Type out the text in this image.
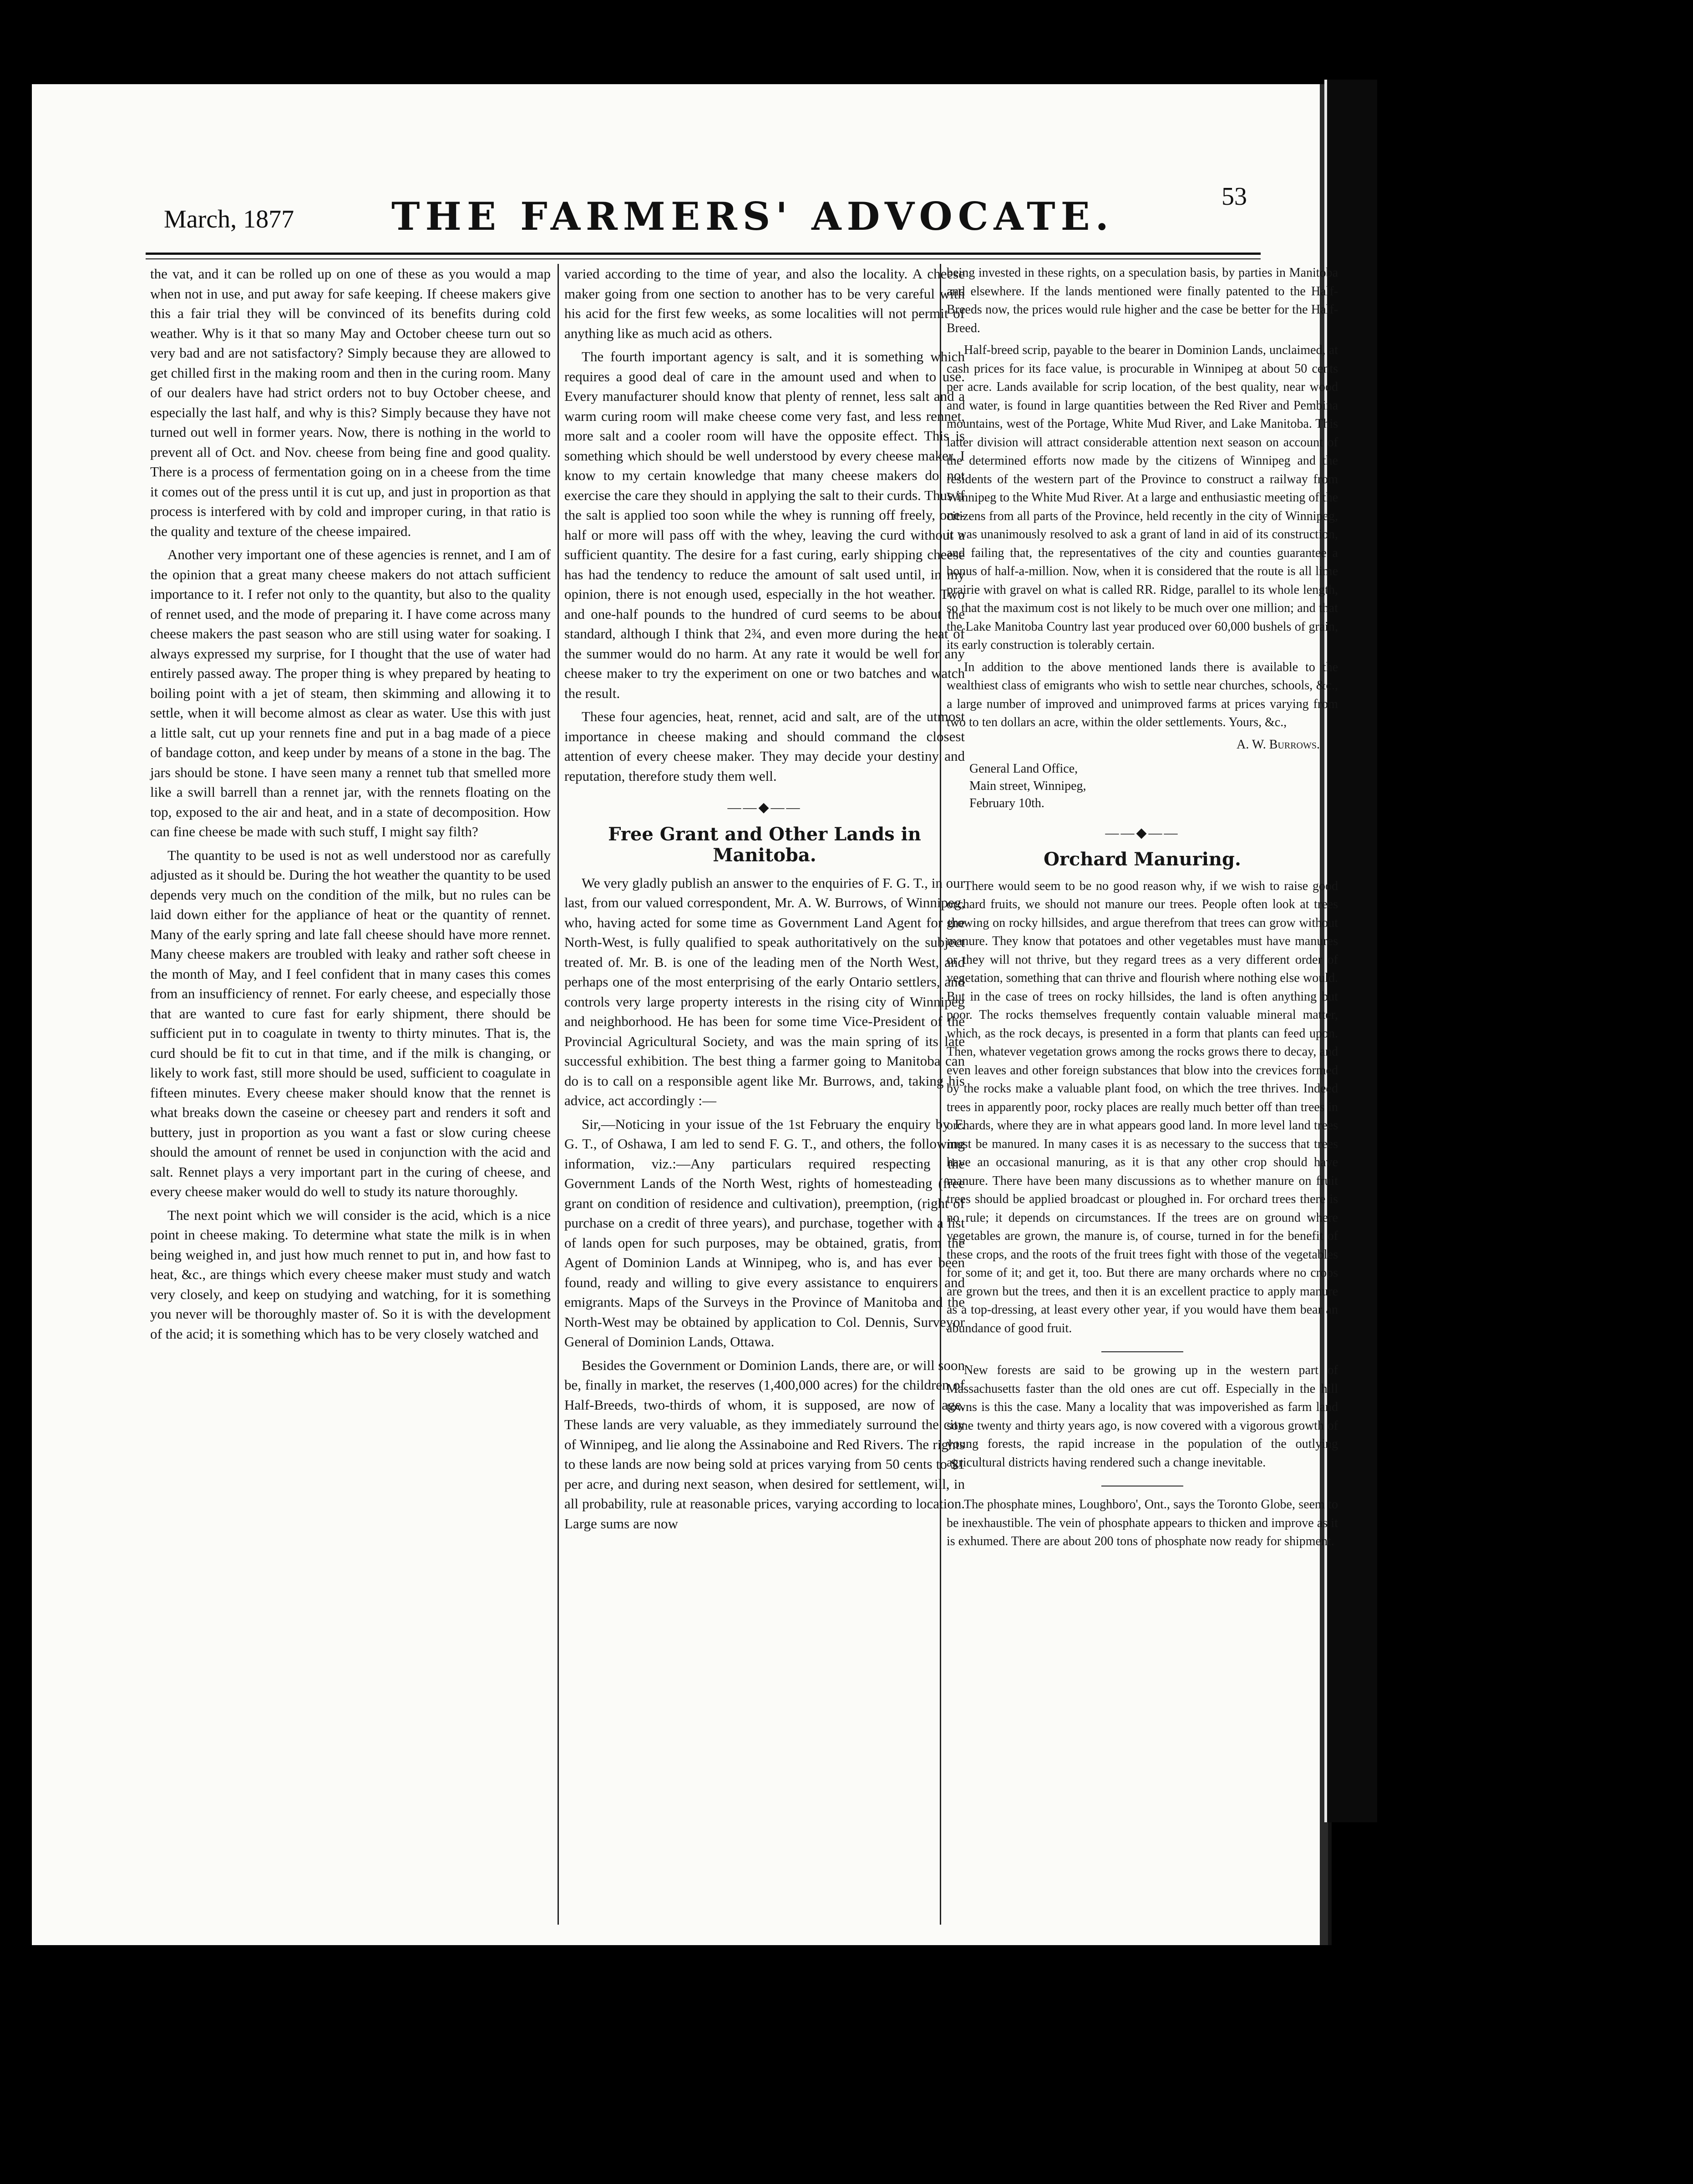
March, 1877	THE FARMERS' ADVOCATE.	53

the vat, and it can be rolled up on one of these as you would a map when not in use, and put away for safe keeping. If cheese makers give this a fair trial they will be convinced of its benefits during cold weather. Why is it that so many May and October cheese turn out so very bad and are not satisfactory? Simply because they are allowed to get chilled first in the making room and then in the curing room. Many of our dealers have had strict orders not to buy October cheese, and especially the last half, and why is this? Simply because they have not turned out well in former years. Now, there is nothing in the world to prevent all of Oct. and Nov. cheese from being fine and good quality. There is a process of fermentation going on in a cheese from the time it comes out of the press until it is cut up, and just in proportion as that process is interfered with by cold and improper curing, in that ratio is the quality and texture of the cheese impaired.

Another very important one of these agencies is rennet, and I am of the opinion that a great many cheese makers do not attach sufficient importance to it. I refer not only to the quantity, but also to the quality of rennet used, and the mode of preparing it. I have come across many cheese makers the past season who are still using water for soaking. I always expressed my surprise, for I thought that the use of water had entirely passed away. The proper thing is whey prepared by heating to boiling point with a jet of steam, then skimming and allowing it to settle, when it will become almost as clear as water. Use this with just a little salt, cut up your rennets fine and put in a bag made of a piece of bandage cotton, and keep under by means of a stone in the bag. The jars should be stone. I have seen many a rennet tub that smelled more like a swill barrell than a rennet jar, with the rennets floating on the top, exposed to the air and heat, and in a state of decomposition. How can fine cheese be made with such stuff, I might say filth?

The quantity to be used is not as well understood nor as carefully adjusted as it should be. During the hot weather the quantity to be used depends very much on the condition of the milk, but no rules can be laid down either for the appliance of heat or the quantity of rennet. Many of the early spring and late fall cheese should have more rennet. Many cheese makers are troubled with leaky and rather soft cheese in the month of May, and I feel confident that in many cases this comes from an insufficiency of rennet. For early cheese, and especially those that are wanted to cure fast for early shipment, there should be sufficient put in to coagulate in twenty to thirty minutes. That is, the curd should be fit to cut in that time, and if the milk is changing, or likely to work fast, still more should be used, sufficient to coagulate in fifteen minutes. Every cheese maker should know that the rennet is what breaks down the caseine or cheesey part and renders it soft and buttery, just in proportion as you want a fast or slow curing cheese should the amount of rennet be used in conjunction with the acid and salt. Rennet plays a very important part in the curing of cheese, and every cheese maker would do well to study its nature thoroughly.

The next point which we will consider is the acid, which is a nice point in cheese making. To determine what state the milk is in when being weighed in, and just how much rennet to put in, and how fast to heat, &c., are things which every cheese maker must study and watch very closely, and keep on studying and watching, for it is something you never will be thoroughly master of. So it is with the development of the acid; it is something which has to be very closely watched and

varied according to the time of year, and also the locality. A cheese maker going from one section to another has to be very careful with his acid for the first few weeks, as some localities will not permit of anything like as much acid as others.

The fourth important agency is salt, and it is something which requires a good deal of care in the amount used and when to use. Every manufacturer should know that plenty of rennet, less salt and a warm curing room will make cheese come very fast, and less rennet, more salt and a cooler room will have the opposite effect. This is something which should be well understood by every cheese maker. I know to my certain knowledge that many cheese makers do not exercise the care they should in applying the salt to their curds. Thus if the salt is applied too soon while the whey is running off freely, one-half or more will pass off with the whey, leaving the curd without a sufficient quantity. The desire for a fast curing, early shipping cheese has had the tendency to reduce the amount of salt used until, in my opinion, there is not enough used, especially in the hot weather. Two and one-half pounds to the hundred of curd seems to be about the standard, although I think that 2¾, and even more during the heat of the summer would do no harm. At any rate it would be well for any cheese maker to try the experiment on one or two batches and watch the result.

These four agencies, heat, rennet, acid and salt, are of the utmost importance in cheese making and should command the closest attention of every cheese maker. They may decide your destiny and reputation, therefore study them well.

——◆——
Free Grant and Other Lands in Manitoba.

We very gladly publish an answer to the enquiries of F. G. T., in our last, from our valued correspondent, Mr. A. W. Burrows, of Winnipeg, who, having acted for some time as Government Land Agent for the North-West, is fully qualified to speak authoritatively on the subject treated of. Mr. B. is one of the leading men of the North West, and perhaps one of the most enterprising of the early Ontario settlers, and controls very large property interests in the rising city of Winnipeg and neighborhood. He has been for some time Vice-President of the Provincial Agricultural Society, and was the main spring of its late successful exhibition. The best thing a farmer going to Manitoba can do is to call on a responsible agent like Mr. Burrows, and, taking his advice, act accordingly :—

Sir,—Noticing in your issue of the 1st February the enquiry by F. G. T., of Oshawa, I am led to send F. G. T., and others, the following information, viz.:—Any particulars required respecting the Government Lands of the North West, rights of homesteading (free grant on condition of residence and cultivation), preemption, (right of purchase on a credit of three years), and purchase, together with a list of lands open for such purposes, may be obtained, gratis, from the Agent of Dominion Lands at Winnipeg, who is, and has ever been found, ready and willing to give every assistance to enquirers and emigrants. Maps of the Surveys in the Province of Manitoba and the North-West may be obtained by application to Col. Dennis, Surveyor General of Dominion Lands, Ottawa.

Besides the Government or Dominion Lands, there are, or will soon be, finally in market, the reserves (1,400,000 acres) for the children of Half-Breeds, two-thirds of whom, it is supposed, are now of age. These lands are very valuable, as they immediately surround the city of Winnipeg, and lie along the Assinaboine and Red Rivers. The rights to these lands are now being sold at prices varying from 50 cents to $1 per acre, and during next season, when desired for settlement, will, in all probability, rule at reasonable prices, varying according to location. Large sums are now

being invested in these rights, on a speculation basis, by parties in Manitoba and elsewhere. If the lands mentioned were finally patented to the Half-Breeds now, the prices would rule higher and the case be better for the Half-Breed.

Half-breed scrip, payable to the bearer in Dominion Lands, unclaimed, at cash prices for its face value, is procurable in Winnipeg at about 50 cents per acre. Lands available for scrip location, of the best quality, near wood and water, is found in large quantities between the Red River and Pembina mountains, west of the Portage, White Mud River, and Lake Manitoba. This latter division will attract considerable attention next season on account of the determined efforts now made by the citizens of Winnipeg and the residents of the western part of the Province to construct a railway from Winnipeg to the White Mud River. At a large and enthusiastic meeting of the citizens from all parts of the Province, held recently in the city of Winnipeg, it was unanimously resolved to ask a grant of land in aid of its construction, and failing that, the representatives of the city and counties guarantee a bonus of half-a-million. Now, when it is considered that the route is all lime prairie with gravel on what is called RR. Ridge, parallel to its whole length, so that the maximum cost is not likely to be much over one million; and that the Lake Manitoba Country last year produced over 60,000 bushels of grain, its early construction is tolerably certain.

In addition to the above mentioned lands there is available to the wealthiest class of emigrants who wish to settle near churches, schools, &c., a large number of improved and unimproved farms at prices varying from two to ten dollars an acre, within the older settlements. Yours, &c.,

A. W. Burrows.
General Land Office,
Main street, Winnipeg,
February 10th.
——◆——
Orchard Manuring.

There would seem to be no good reason why, if we wish to raise good orchard fruits, we should not manure our trees. People often look at trees growing on rocky hillsides, and argue therefrom that trees can grow without manure. They know that potatoes and other vegetables must have manures or they will not thrive, but they regard trees as a very different order of vegetation, something that can thrive and flourish where nothing else would. But in the case of trees on rocky hillsides, the land is often anything but poor. The rocks themselves frequently contain valuable mineral matter, which, as the rock decays, is presented in a form that plants can feed upon. Then, whatever vegetation grows among the rocks grows there to decay, and even leaves and other foreign substances that blow into the crevices formed by the rocks make a valuable plant food, on which the tree thrives. Indeed trees in apparently poor, rocky places are really much better off than trees in orchards, where they are in what appears good land. In more level land trees must be manured. In many cases it is as necessary to the success that trees have an occasional manuring, as it is that any other crop should have manure. There have been many discussions as to whether manure on fruit trees should be applied broadcast or ploughed in. For orchard trees there is no rule; it depends on circumstances. If the trees are on ground where vegetables are grown, the manure is, of course, turned in for the benefit of these crops, and the roots of the fruit trees fight with those of the vegetables for some of it; and get it, too. But there are many orchards where no crops are grown but the trees, and then it is an excellent practice to apply manure as a top-dressing, at least every other year, if you would have them bear an abundance of good fruit.

New forests are said to be growing up in the western part of Massachusetts faster than the old ones are cut off. Especially in the hill towns is this the case. Many a locality that was impoverished as farm land some twenty and thirty years ago, is now covered with a vigorous growth of young forests, the rapid increase in the population of the outlying agricultural districts having rendered such a change inevitable.

The phosphate mines, Loughboro', Ont., says the Toronto Globe, seem to be inexhaustible. The vein of phosphate appears to thicken and improve as it is exhumed. There are about 200 tons of phosphate now ready for shipment.
